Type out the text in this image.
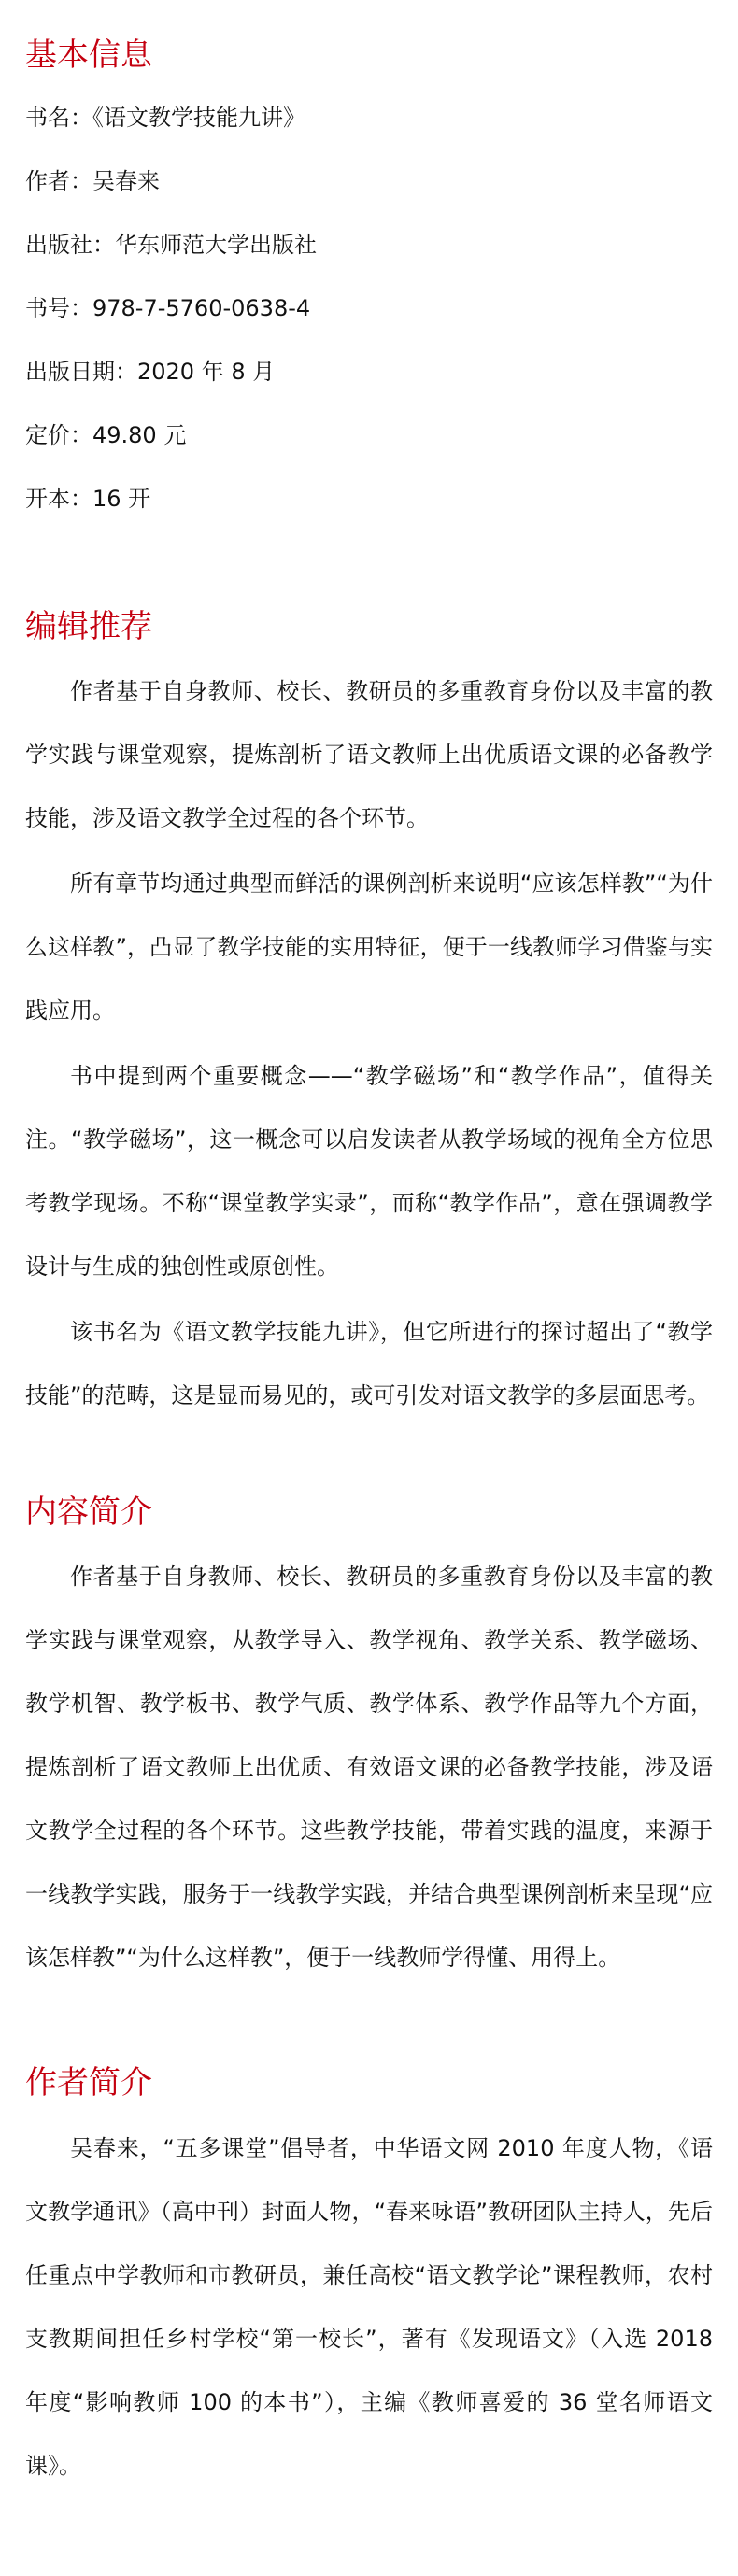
基本信息

书名：《语文教学技能九讲》

作者：吴春来

出版社：华东师范大学出版社

书号：978-7-5760-0638-4

出版日期：2020 年 8 月

定价：49.80 元

开本：16 开

编辑推荐

作者基于自身教师、校长、教研员的多重教育身份以及丰富的教学实践与课堂观察，提炼剖析了语文教师上出优质语文课的必备教学技能，涉及语文教学全过程的各个环节。

所有章节均通过典型而鲜活的课例剖析来说明“应该怎样教”“为什么这样教”，凸显了教学技能的实用特征，便于一线教师学习借鉴与实践应用。

书中提到两个重要概念——“教学磁场”和“教学作品”，值得关注。“教学磁场”，这一概念可以启发读者从教学场域的视角全方位思考教学现场。不称“课堂教学实录”，而称“教学作品”，意在强调教学设计与生成的独创性或原创性。

该书名为《语文教学技能九讲》，但它所进行的探讨超出了“教学技能”的范畴，这是显而易见的，或可引发对语文教学的多层面思考。

内容简介

作者基于自身教师、校长、教研员的多重教育身份以及丰富的教学实践与课堂观察，从教学导入、教学视角、教学关系、教学磁场、教学机智、教学板书、教学气质、教学体系、教学作品等九个方面，提炼剖析了语文教师上出优质、有效语文课的必备教学技能，涉及语文教学全过程的各个环节。这些教学技能，带着实践的温度，来源于一线教学实践，服务于一线教学实践，并结合典型课例剖析来呈现“应该怎样教”“为什么这样教”，便于一线教师学得懂、用得上。

作者简介

吴春来，“五多课堂”倡导者，中华语文网 2010 年度人物，《语文教学通讯》（高中刊）封面人物，“春来咏语”教研团队主持人，先后任重点中学教师和市教研员，兼任高校“语文教学论”课程教师，农村支教期间担任乡村学校“第一校长”，著有《发现语文》（入选 2018 年度“影响教师 100 的本书”），主编《教师喜爱的 36 堂名师语文课》。
